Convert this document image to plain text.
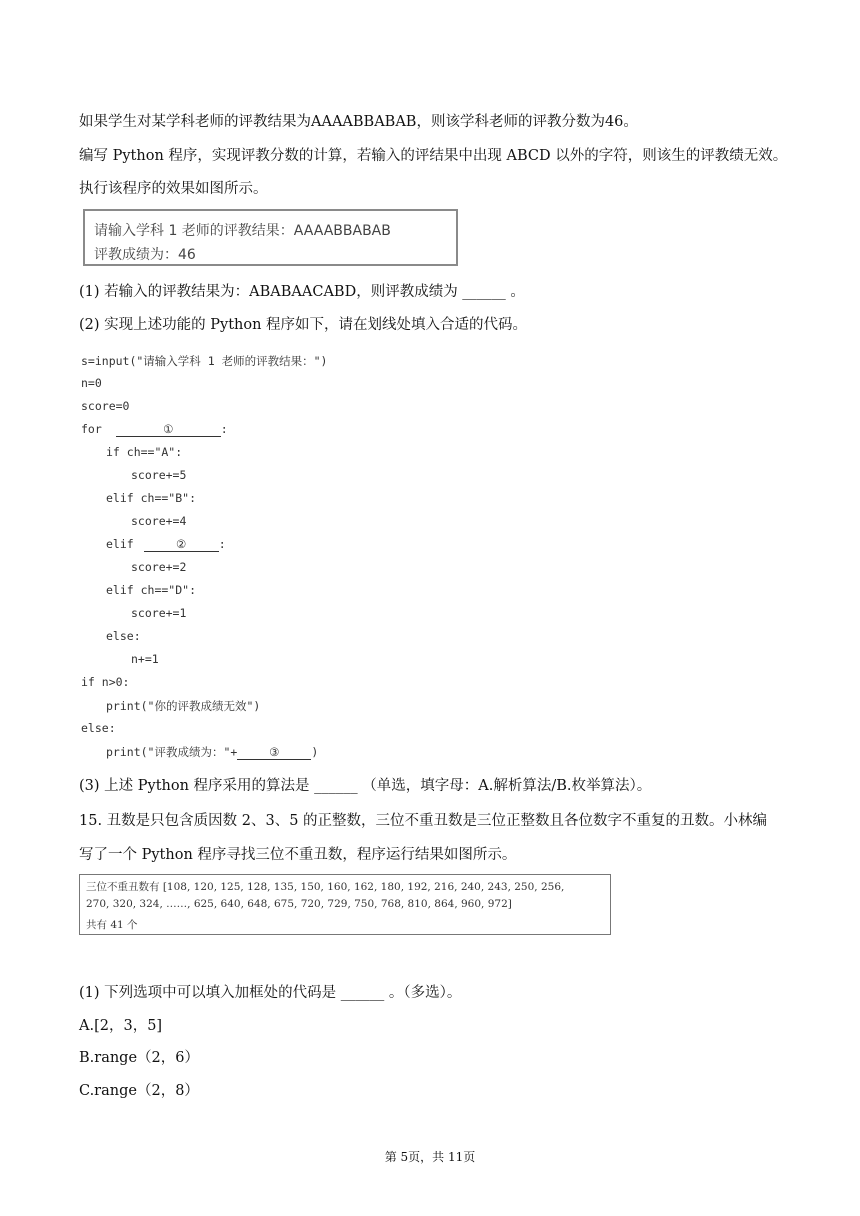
如果学生对某学科老师的评教结果为AAAABBABAB，则该学科老师的评教分数为46。
编写 Python 程序，实现评教分数的计算，若输入的评结果中出现 ABCD 以外的字符，则该生的评教绩无效。
执行该程序的效果如图所示。
请输入学科 1 老师的评教结果：AAAABBABAB
评教成绩为：46
(1) 若输入的评教结果为：ABABAACABD，则评教成绩为 ______ 。
(2) 实现上述功能的 Python 程序如下，请在划线处填入合适的代码。
s=input("请输入学科 1 老师的评教结果：")
n=0
score=0
for	①	:
if ch=="A":
score+=5
elif ch=="B":
score+=4
elif	②	:
score+=2
elif ch=="D":
score+=1
else:
n+=1
if n>0:
print("你的评教成绩无效")
else:
print("评教成绩为："+	③	)
(3) 上述 Python 程序采用的算法是 ______ （单选，填字母：A.解析算法/B.枚举算法）。
15. 丑数是只包含质因数 2、3、5 的正整数，三位不重丑数是三位正整数且各位数字不重复的丑数。小林编
写了一个 Python 程序寻找三位不重丑数，程序运行结果如图所示。
三位不重丑数有 [108, 120, 125, 128, 135, 150, 160, 162, 180, 192, 216, 240, 243, 250, 256,
270, 320, 324, ……, 625, 640, 648, 675, 720, 729, 750, 768, 810, 864, 960, 972]
共有 41 个
(1) 下列选项中可以填入加框处的代码是 ______ 。（多选）。
A.[2，3，5]
B.range（2，6）
C.range（2，8）
第 5页，共 11页
